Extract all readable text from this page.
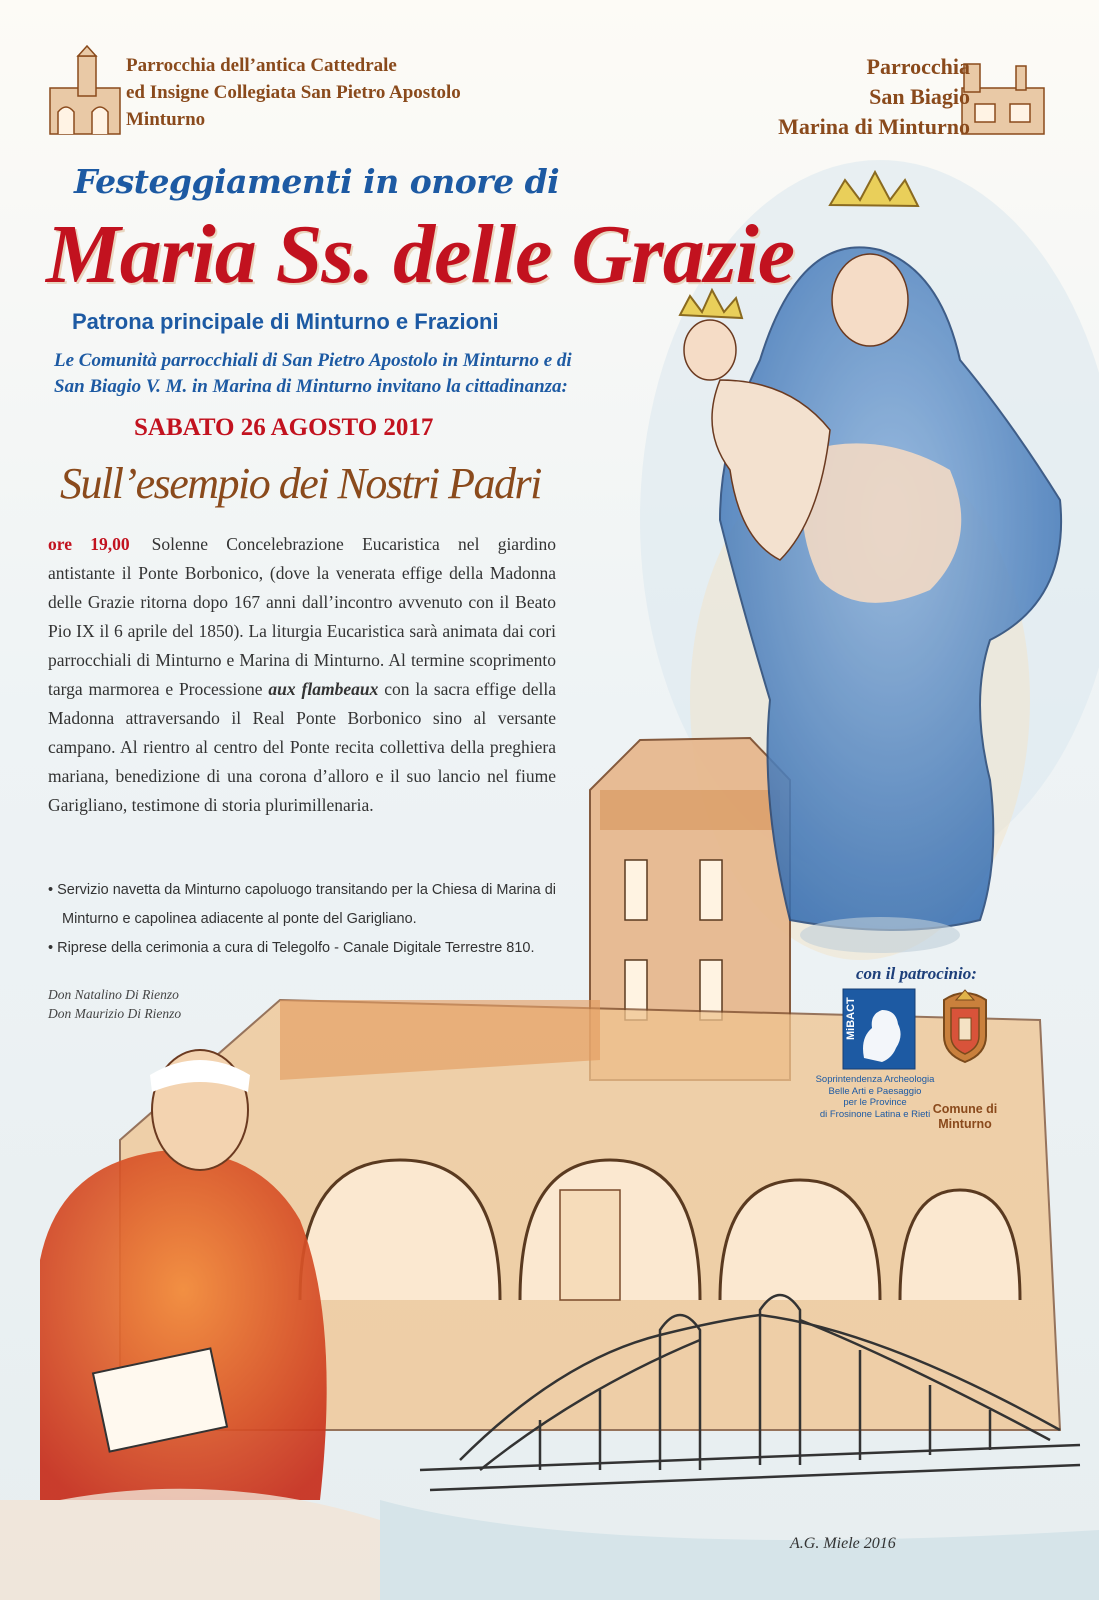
Parrocchia dell’antica Cattedrale
ed Insigne Collegiata San Pietro Apostolo
Minturno
Parrocchia
San Biagio
Marina di Minturno
Festeggiamenti in onore di
Maria Ss. delle Grazie
Patrona principale di Minturno e Frazioni
Le Comunità parrocchiali di San Pietro Apostolo in Minturno e di
San Biagio V. M. in Marina di Minturno invitano la cittadinanza:
SABATO 26 AGOSTO 2017
Sull’esempio dei Nostri Padri
ore 19,00 Solenne Concelebrazione Eucaristica nel giardino antistante il Ponte Borbonico, (dove la venerata effige della Madonna delle Grazie ritorna dopo 167 anni dall’incontro avvenuto con il Beato Pio IX il 6 aprile del 1850). La liturgia Eucaristica sarà animata dai cori parrocchiali di Minturno e Marina di Minturno. Al termine scoprimento targa marmorea e Processione aux flambeaux con la sacra effige della Madonna attraversando il Real Ponte Borbonico sino al versante campano. Al rientro al centro del Ponte recita collettiva della preghiera mariana, benedizione di una corona d’alloro e il suo lancio nel fiume Garigliano, testimone di storia plurimillenaria.
• Servizio navetta da Minturno capoluogo transitando per la Chiesa di Marina di Minturno e capolinea adiacente al ponte del Garigliano.
• Riprese della cerimonia a cura di Telegolfo - Canale Digitale Terrestre 810.
Don Natalino Di Rienzo
Don Maurizio Di Rienzo
con il patrocinio:
MiBACT
Soprintendenza Archeologia
Belle Arti e Paesaggio
per le Province
di Frosinone Latina e Rieti Comune di
Minturno
A.G. Miele 2016
